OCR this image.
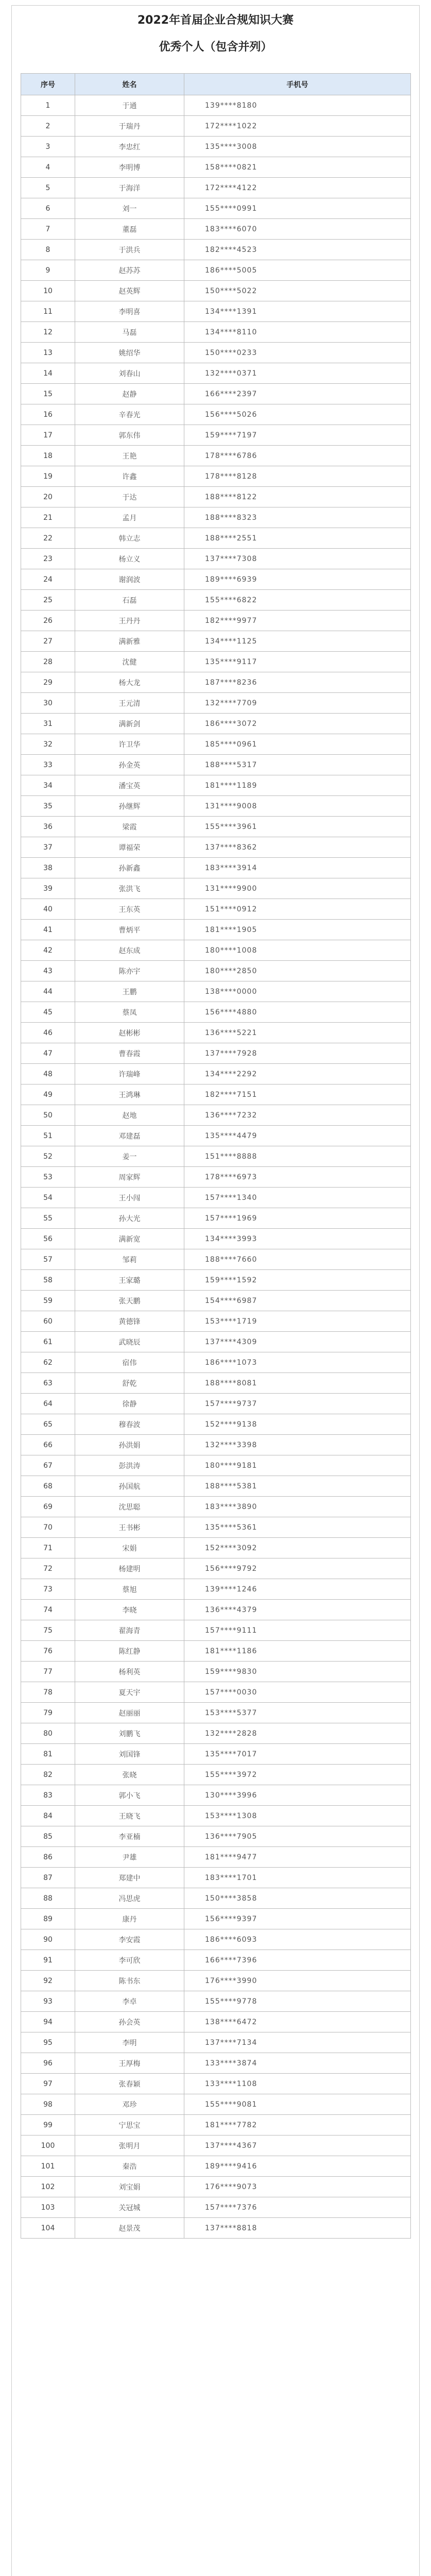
2022年首届企业合规知识大赛
优秀个人（包含并列）
序号	姓名	手机号
1	于通	139****8180
2	于瑞丹	172****1022
3	李忠红	135****3008
4	李明博	158****0821
5	于海洋	172****4122
6	刘一	155****0991
7	董磊	183****6070
8	于洪兵	182****4523
9	赵苏苏	186****5005
10	赵英辉	150****5022
11	李明喜	134****1391
12	马磊	134****8110
13	姚绍华	150****0233
14	刘春山	132****0371
15	赵静	166****2397
16	辛春光	156****5026
17	郭东伟	159****7197
18	王艳	178****6786
19	许鑫	178****8128
20	于达	188****8122
21	孟月	188****8323
22	韩立志	188****2551
23	杨立义	137****7308
24	谢润波	189****6939
25	石磊	155****6822
26	王丹丹	182****9977
27	满新雅	134****1125
28	沈健	135****9117
29	杨大龙	187****8236
30	王元清	132****7709
31	满新剑	186****3072
32	许卫华	185****0961
33	孙金英	188****5317
34	潘宝英	181****1189
35	孙继辉	131****9008
36	梁霞	155****3961
37	谭福荣	137****8362
38	孙新鑫	183****3914
39	张洪飞	131****9900
40	王东英	151****0912
41	曹炳平	181****1905
42	赵东成	180****1008
43	陈亦宇	180****2850
44	王鹏	138****0000
45	蔡凤	156****4880
46	赵彬彬	136****5221
47	曹春霞	137****7928
48	许瑞峰	134****2292
49	王鸿琳	182****7151
50	赵地	136****7232
51	邓建磊	135****4479
52	姜一	151****8888
53	周家辉	178****6973
54	王小闯	157****1340
55	孙大光	157****1969
56	满新宽	134****3993
57	邹莉	188****7660
58	王家璐	159****1592
59	张天鹏	154****6987
60	黄德锋	153****1719
61	武晓辰	137****4309
62	宿伟	186****1073
63	舒乾	188****8081
64	徐静	157****9737
65	穆春波	152****9138
66	孙洪娟	132****3398
67	彭洪涛	180****9181
68	孙国航	188****5381
69	沈思聪	183****3890
70	王书彬	135****5361
71	宋娟	152****3092
72	杨建明	156****9792
73	蔡旭	139****1246
74	李晓	136****4379
75	翟海青	157****9111
76	陈红静	181****1186
77	杨利英	159****9830
78	夏天宇	157****0030
79	赵丽丽	153****5377
80	刘鹏飞	132****2828
81	刘国锋	135****7017
82	张晓	155****3972
83	郭小飞	130****3996
84	王晓飞	153****1308
85	李亚楠	136****7905
86	尹雄	181****9477
87	郑建中	183****1701
88	冯思虎	150****3858
89	康丹	156****9397
90	李安霞	186****6093
91	李可欣	166****7396
92	陈书东	176****3990
93	李卓	155****9778
94	孙会英	138****6472
95	李明	137****7134
96	王厚梅	133****3874
97	张春颖	133****1108
98	邓珍	155****9081
99	宁思宝	181****7782
100	张明月	137****4367
101	秦浩	189****9416
102	刘宝娟	176****9073
103	关冠城	157****7376
104	赵景茂	137****8818
